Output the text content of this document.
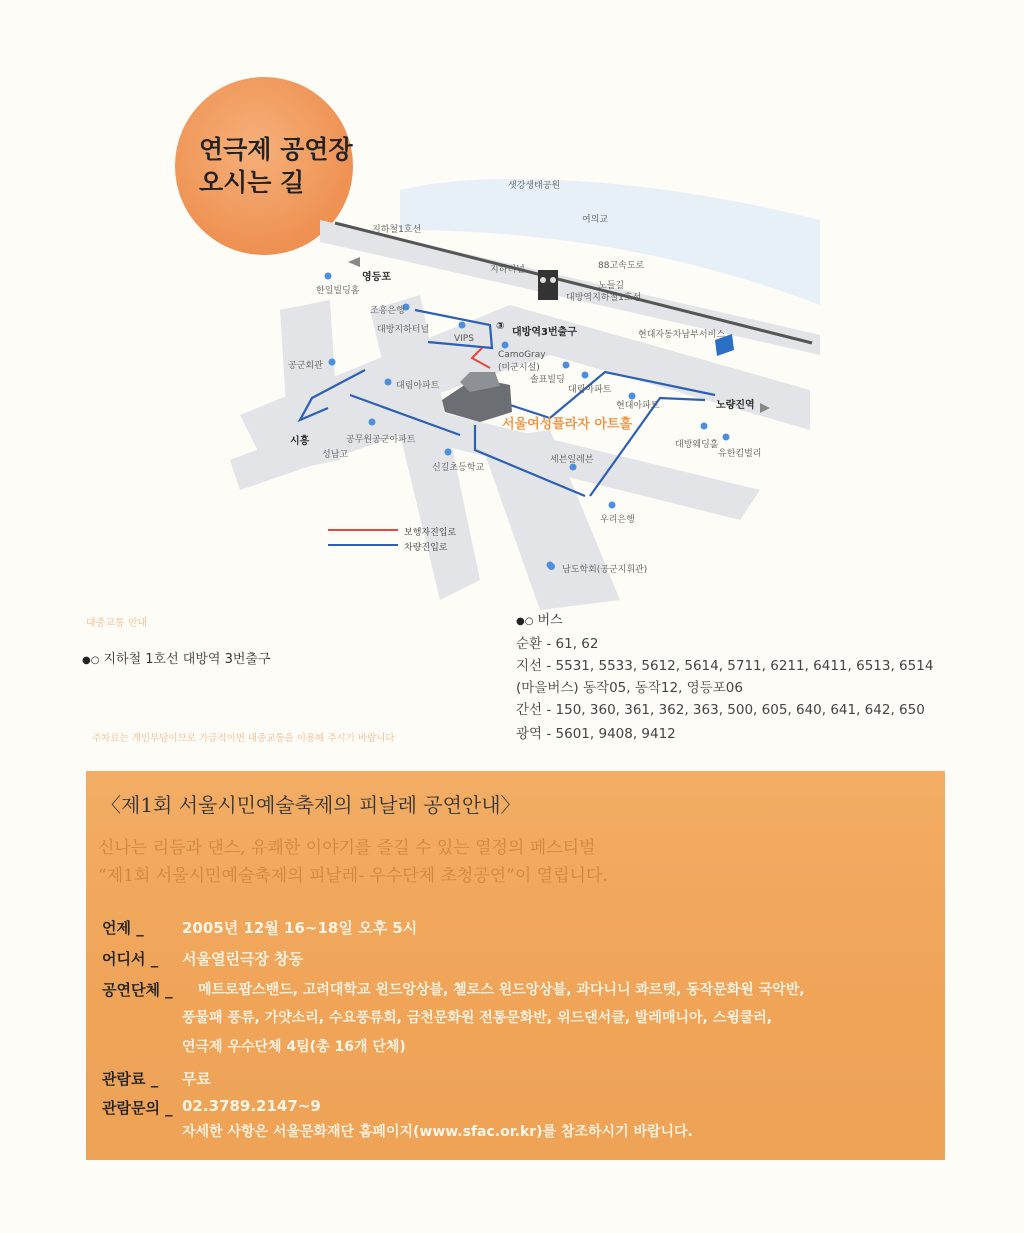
연극제 공연장
오시는 길	샛강생태공원
여의교
지하철1호선
지하터널	88고속도로
노들길
대방역지하철1호선
영등포
한일빌딩홈
조흥은행
대방지하터널
VIPS
③
대방역3번출구	현대자동차남부서비스
CamoGray
(미군시설)
공군회관
대림아파트
솔표빌딩
대림아파트
현대아파트	노량진역
서울여성플라자 아트홀
시흥	공무원공군아파트
성남고
신길초등학교
세븐일레븐
대방웨딩홀
유한킴벌리
우리은행
남도학회(공군지휘관)
보행자진입로
차량진입로
대중교통 안내
●○ 지하철 1호선 대방역 3번출구
주차료는 개인부담이므로 가급적이면 대중교통을 이용해 주시기 바랍니다
●○ 버스
순환 - 61, 62
지선 - 5531, 5533, 5612, 5614, 5711, 6211, 6411, 6513, 6514
(마을버스) 동작05, 동작12, 영등포06
간선 - 150, 360, 361, 362, 363, 500, 605, 640, 641, 642, 650
광역 - 5601, 9408, 9412
〈제1회 서울시민예술축제의 피날레 공연안내〉
신나는 리듬과 댄스, 유쾌한 이야기를 즐길 수 있는 열정의 페스티벌
“제1회 서울시민예술축제의 피날레- 우수단체 초청공연”이 열립니다.
언제 _	2005년 12월 16~18일 오후 5시
어디서 _ 서울열린극장 창동
공연단체 _ 메트로팝스밴드, 고려대학교 윈드앙상블, 첼로스 윈드앙상블, 과다니니 콰르텟, 동작문화원 국악반,
풍물패 풍류, 가얏소리, 수요풍류회, 금천문화원 전통문화반, 위드댄서클, 발레매니아, 스윙쿨러,
연극제 우수단체 4팀(총 16개 단체)
관람료 _ 무료
관람문의 _ 02.3789.2147~9
자세한 사항은 서울문화재단 홈페이지(www.sfac.or.kr)를 참조하시기 바랍니다.
